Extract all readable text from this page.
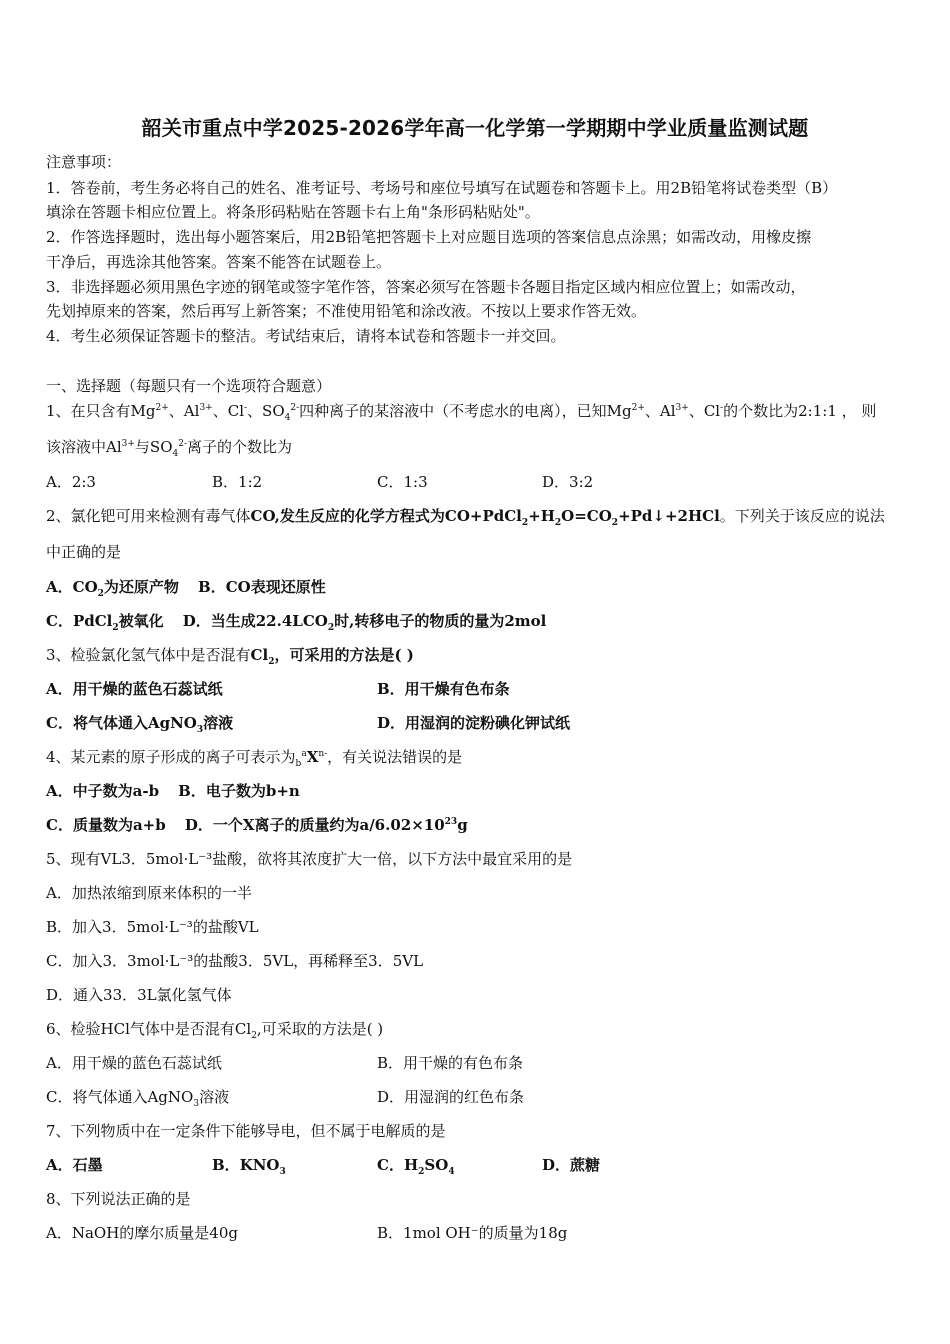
韶关市重点中学2025-2026学年高一化学第一学期期中学业质量监测试题
注意事项：
1．答卷前，考生务必将自己的姓名、准考证号、考场号和座位号填写在试题卷和答题卡上。用2B铅笔将试卷类型（B）
填涂在答题卡相应位置上。将条形码粘贴在答题卡右上角"条形码粘贴处"。
2．作答选择题时，选出每小题答案后，用2B铅笔把答题卡上对应题目选项的答案信息点涂黑；如需改动，用橡皮擦
干净后，再选涂其他答案。答案不能答在试题卷上。
3．非选择题必须用黑色字迹的钢笔或签字笔作答，答案必须写在答题卡各题目指定区域内相应位置上；如需改动，
先划掉原来的答案，然后再写上新答案；不准使用铅笔和涂改液。不按以上要求作答无效。
4．考生必须保证答题卡的整洁。考试结束后，请将本试卷和答题卡一并交回。
一、选择题（每题只有一个选项符合题意）
1、在只含有$Mg^{2+}$、$Al^{3+}$、Cl-、$SO_4^{2-}$四种离子的某溶液中（不考虑水的电离），已知$Mg^{2+}$、$Al^{3+}$、Cl-的个数比为2:1:1 ， 则
该溶液中$Al^{3+}$与$SO_4^{2-}$离子的个数比为
A．2:3	B．1:2	C．1:3	D．3:2
2、氯化钯可用来检测有毒气体CO,发生反应的化学方程式为$CO+PdCl_2+H_2O=CO_2+Pd↓+2HCl$。下列关于该反应的说法
中正确的是
A．$CO_2$为还原产物 B．CO表现还原性
C．PdCl$_2$被氧化 D．当生成$22.4LCO_2$时,转移电子的物质的量为2mol
3、检验氯化氢气体中是否混有$Cl_2$，可采用的方法是( )
A．用干燥的蓝色石蕊试纸	B．用干燥有色布条
C．将气体通入AgNO$_3$溶液	D．用湿润的淀粉碘化钾试纸
4、某元素的原子形成的离子可表示为$_b^aX^{n-}$，有关说法错误的是
A．中子数为a-b B．电子数为b+n
C．质量数为a+b D．一个X离子的质量约为$a/6.02\times 10^{23}g$
5、现有VL3．5mol·L⁻³盐酸，欲将其浓度扩大一倍，以下方法中最宜采用的是
A．加热浓缩到原来体积的一半
B．加入3．5mol·L⁻³的盐酸VL
C．加入3．3mol·L⁻³的盐酸3．5VL，再稀释至3．5VL
D．通入33．3L氯化氢气体
6、检验HCl气体中是否混有$Cl_2$,可采取的方法是( )
A．用干燥的蓝色石蕊试纸	B．用干燥的有色布条
C．将气体通入AgNO$_3$溶液	D．用湿润的红色布条
7、下列物质中在一定条件下能够导电，但不属于电解质的是
A．石墨	B．$KNO_3$	C．$H_2SO_4$	D．蔗糖
8、下列说法正确的是
A．NaOH的摩尔质量是40g	B．1mol OH⁻的质量为18g
